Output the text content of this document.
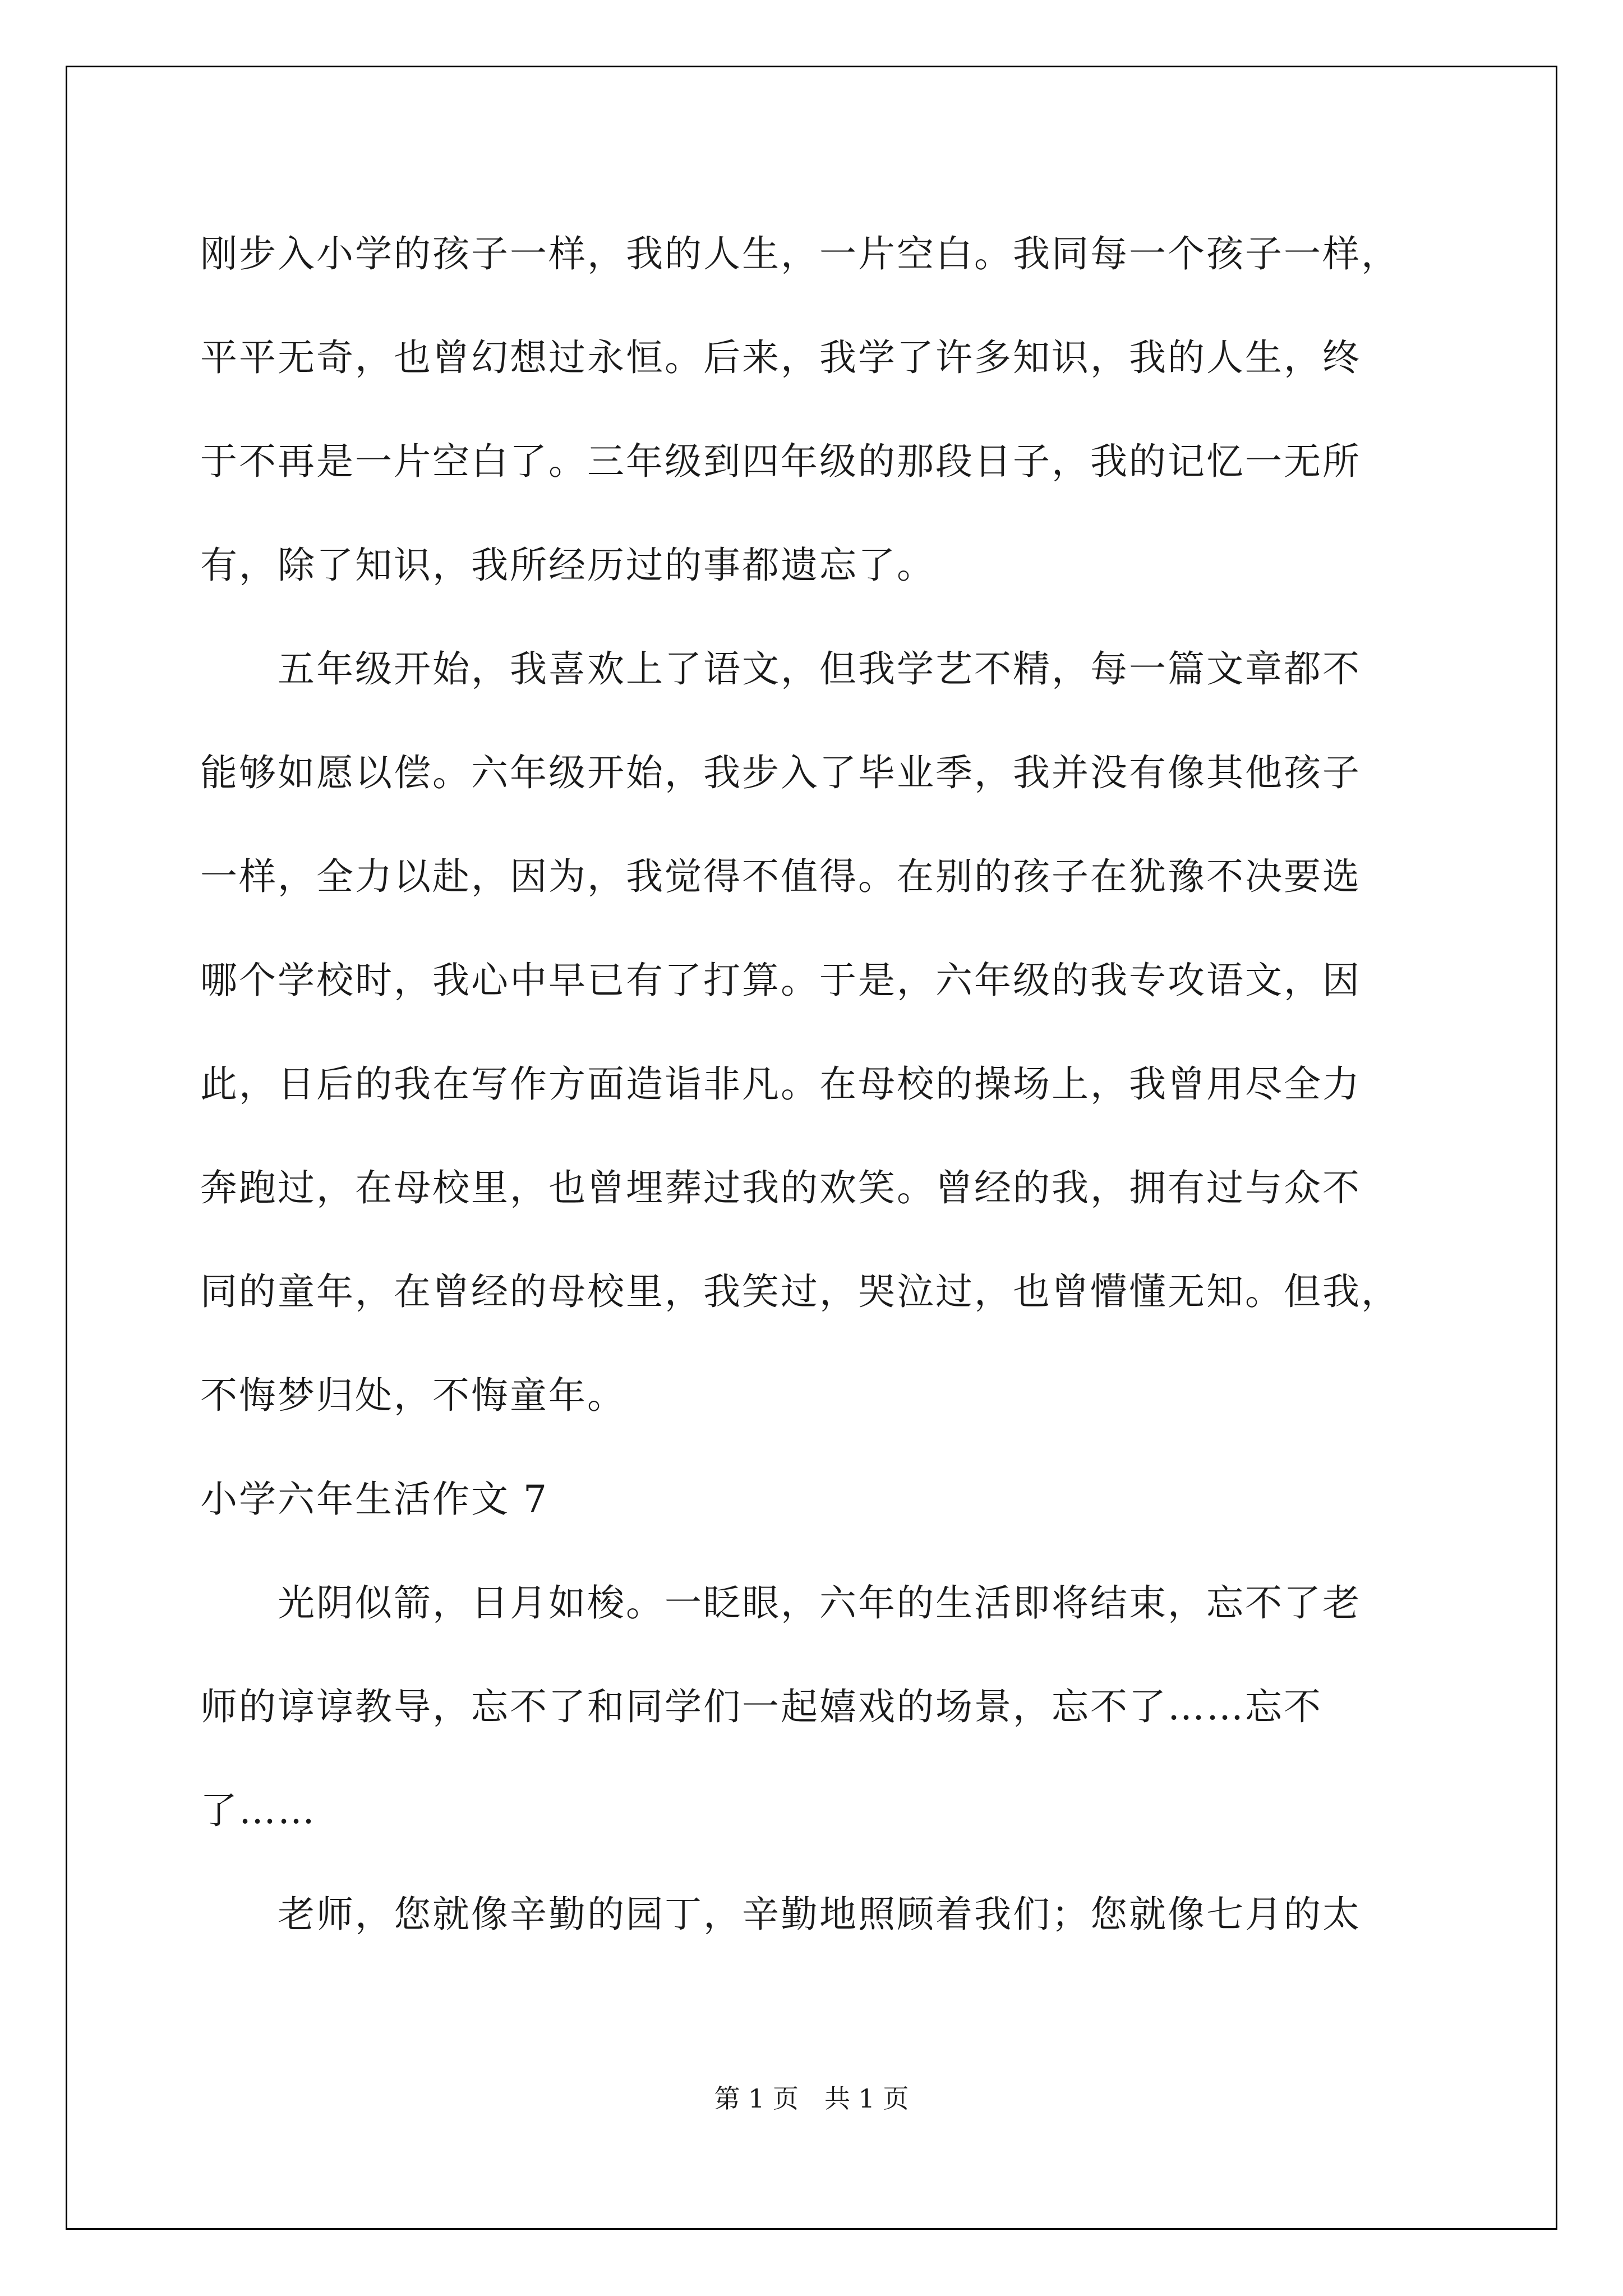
刚步入小学的孩子一样，我的人生，一片空白。我同每一个孩子一样，
平平无奇，也曾幻想过永恒。后来，我学了许多知识，我的人生，终
于不再是一片空白了。三年级到四年级的那段日子，我的记忆一无所
有，除了知识，我所经历过的事都遗忘了。
　　五年级开始，我喜欢上了语文，但我学艺不精，每一篇文章都不
能够如愿以偿。六年级开始，我步入了毕业季，我并没有像其他孩子
一样，全力以赴，因为，我觉得不值得。在别的孩子在犹豫不决要选
哪个学校时，我心中早已有了打算。于是，六年级的我专攻语文，因
此，日后的我在写作方面造诣非凡。在母校的操场上，我曾用尽全力
奔跑过，在母校里，也曾埋葬过我的欢笑。曾经的我，拥有过与众不
同的童年，在曾经的母校里，我笑过，哭泣过，也曾懵懂无知。但我，
不悔梦归处，不悔童年。
小学六年生活作文 7
　　光阴似箭，日月如梭。一眨眼，六年的生活即将结束，忘不了老
师的谆谆教导，忘不了和同学们一起嬉戏的场景，忘不了……忘不
了……
　　老师，您就像辛勤的园丁，辛勤地照顾着我们；您就像七月的太
第 1 页　共 1 页
